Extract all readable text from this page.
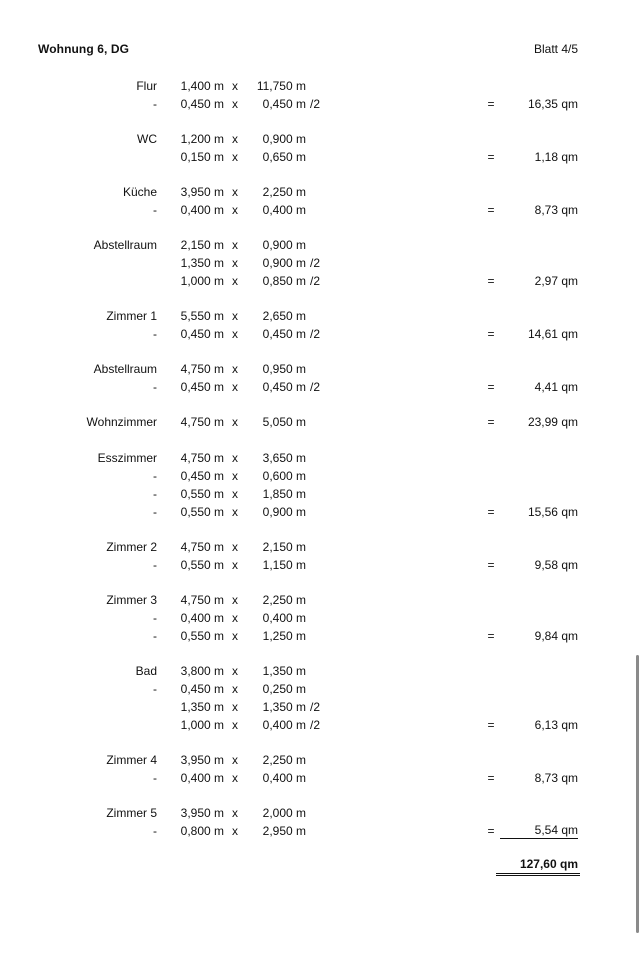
Wohnung 6, DG	Blatt 4/5
Flur	1,400 m x	11,750 m
-	0,450 m x	0,450 m /2	=	16,35 qm
WC	1,200 m x	0,900 m
0,150 m x	0,650 m	=	1,18 qm
Küche	3,950 m x	2,250 m
-	0,400 m x	0,400 m	=	8,73 qm
Abstellraum	2,150 m x	0,900 m
1,350 m x	0,900 m /2
1,000 m x	0,850 m /2	=	2,97 qm
Zimmer 1	5,550 m x	2,650 m
-	0,450 m x	0,450 m /2	=	14,61 qm
Abstellraum	4,750 m x	0,950 m
-	0,450 m x	0,450 m /2	=	4,41 qm
Wohnzimmer	4,750 m x	5,050 m	=	23,99 qm
Esszimmer	4,750 m x	3,650 m
-	0,450 m x	0,600 m
-	0,550 m x	1,850 m
-	0,550 m x	0,900 m	=	15,56 qm
Zimmer 2	4,750 m x	2,150 m
-	0,550 m x	1,150 m	=	9,58 qm
Zimmer 3	4,750 m x	2,250 m
-	0,400 m x	0,400 m
-	0,550 m x	1,250 m	=	9,84 qm
Bad	3,800 m x	1,350 m
-	0,450 m x	0,250 m
1,350 m x	1,350 m /2
1,000 m x	0,400 m /2	=	6,13 qm
Zimmer 4	3,950 m x	2,250 m
-	0,400 m x	0,400 m	=	8,73 qm
Zimmer 5	3,950 m x	2,000 m
-	0,800 m x	2,950 m	=	5,54 qm
127,60 qm
